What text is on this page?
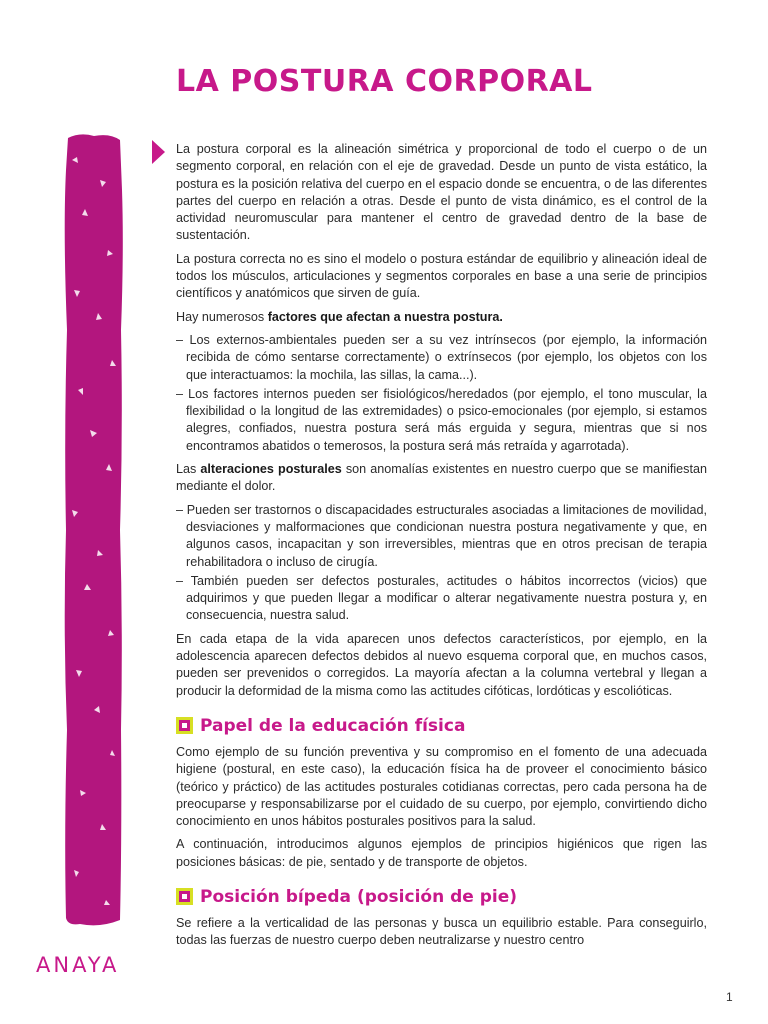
LA POSTURA CORPORAL

La postura corporal es la alineación simétrica y proporcional de todo el cuerpo o de un segmento corporal, en relación con el eje de gravedad. Desde un punto de vista estático, la postura es la posición relativa del cuerpo en el espacio donde se encuentra, o de las diferentes partes del cuerpo en relación a otras. Desde el punto de vista dinámico, es el control de la actividad neuromuscular para mantener el centro de gravedad dentro de la base de sustentación.

La postura correcta no es sino el modelo o postura estándar de equilibrio y alineación ideal de todos los músculos, articulaciones y segmentos corporales en base a una serie de principios científicos y anatómicos que sirven de guía.

Hay numerosos factores que afectan a nuestra postura.

– Los externos-ambientales pueden ser a su vez intrínsecos (por ejemplo, la información recibida de cómo sentarse correctamente) o extrínsecos (por ejemplo, los objetos con los que interactuamos: la mochila, las sillas, la cama...).
– Los factores internos pueden ser fisiológicos/heredados (por ejemplo, el tono muscular, la flexibilidad o la longitud de las extremidades) o psico-emocionales (por ejemplo, si estamos alegres, confiados, nuestra postura será más erguida y segura, mientras que si nos encontramos abatidos o temerosos, la postura será más retraída y agarrotada).

Las alteraciones posturales son anomalías existentes en nuestro cuerpo que se manifiestan mediante el dolor.

– Pueden ser trastornos o discapacidades estructurales asociadas a limitaciones de movilidad, desviaciones y malformaciones que condicionan nuestra postura negativamente y que, en algunos casos, incapacitan y son irreversibles, mientras que en otros precisan de terapia rehabilitadora o incluso de cirugía.
– También pueden ser defectos posturales, actitudes o hábitos incorrectos (vicios) que adquirimos y que pueden llegar a modificar o alterar negativamente nuestra postura y, en consecuencia, nuestra salud.

En cada etapa de la vida aparecen unos defectos característicos, por ejemplo, en la adolescencia aparecen defectos debidos al nuevo esquema corporal que, en muchos casos, pueden ser prevenidos o corregidos. La mayoría afectan a la columna vertebral y llegan a producir la deformidad de la misma como las actitudes cifóticas, lordóticas y escolióticas.

Papel de la educación física

Como ejemplo de su función preventiva y su compromiso en el fomento de una adecuada higiene (postural, en este caso), la educación física ha de proveer el conocimiento básico (teórico y práctico) de las actitudes posturales cotidianas correctas, pero cada persona ha de preocuparse y responsabilizarse por el cuidado de su cuerpo, por ejemplo, convirtiendo dicho conocimiento en unos hábitos posturales positivos para la salud.

A continuación, introducimos algunos ejemplos de principios higiénicos que rigen las posiciones básicas: de pie, sentado y de transporte de objetos.

Posición bípeda (posición de pie)

Se refiere a la verticalidad de las personas y busca un equilibrio estable. Para conseguirlo, todas las fuerzas de nuestro cuerpo deben neutralizarse y nuestro centro

ANAYA
1
